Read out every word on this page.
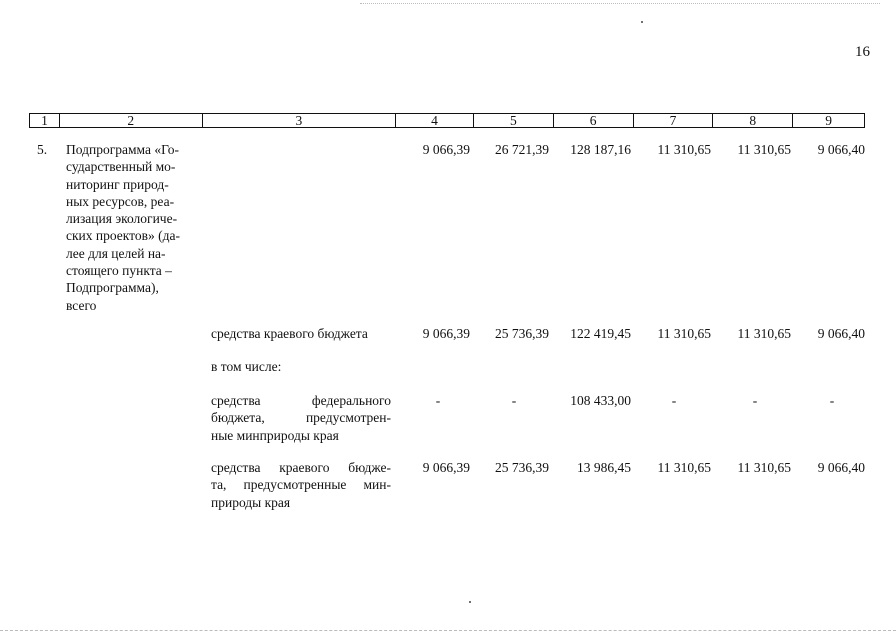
16
1	2	3	4	5	6	7	8	9
5. Подпрограмма «Го-
сударственный мо-
ниторинг природ-
ных ресурсов, реа-
лизация экологиче-
ских проектов» (да-
лее для целей на-
стоящего пункта –
Подпрограмма),
всего
9 066,39	26 721,39	128 187,16	11 310,65	11 310,65	9 066,40
средства краевого бюджета	9 066,39	25 736,39	122 419,45	11 310,65	11 310,65	9 066,40
в том числе:
средства федерального
бюджета, предусмотрен-
ные минприроды края
-	-	108 433,00	-	-	-
средства краевого бюдже-
та, предусмотренные мин-
природы края
9 066,39	25 736,39	13 986,45	11 310,65	11 310,65	9 066,40
